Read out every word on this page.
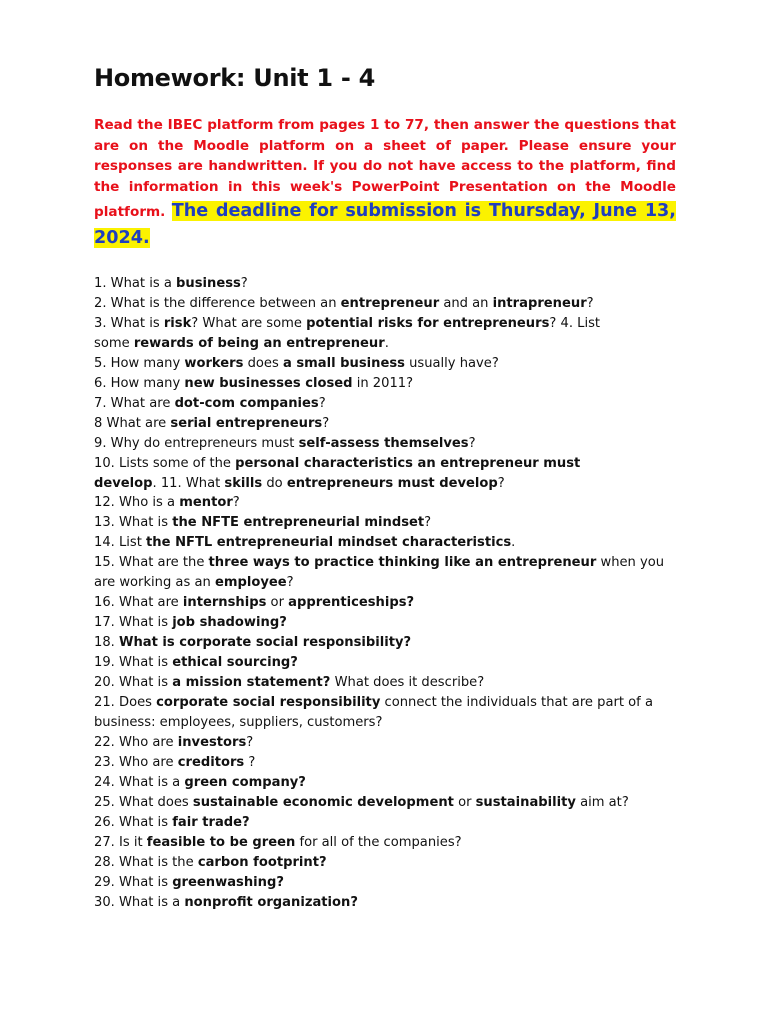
Homework: Unit 1 - 4

Read the IBEC platform from pages 1 to 77, then answer the questions that are on the Moodle platform on a sheet of paper. Please ensure your responses are handwritten. If you do not have access to the platform, find the information in this week's PowerPoint Presentation on the Moodle platform. The deadline for submission is Thursday, June 13, 2024.

1. What is a business?

2. What is the difference between an entrepreneur and an intrapreneur?

3. What is risk? What are some potential risks for entrepreneurs? 4. List

some rewards of being an entrepreneur.

5. How many workers does a small business usually have?

6. How many new businesses closed in 2011?

7. What are dot-com companies?

8 What are serial entrepreneurs?

9. Why do entrepreneurs must self-assess themselves?

10. Lists some of the personal characteristics an entrepreneur must

develop. 11. What skills do entrepreneurs must develop?

12. Who is a mentor?

13. What is the NFTE entrepreneurial mindset?

14. List the NFTL entrepreneurial mindset characteristics.

15. What are the three ways to practice thinking like an entrepreneur when you are working as an employee?

16. What are internships or apprenticeships?

17. What is job shadowing?

18. What is corporate social responsibility?

19. What is ethical sourcing?

20. What is a mission statement? What does it describe?

21. Does corporate social responsibility connect the individuals that are part of a business: employees, suppliers, customers?

22. Who are investors?

23. Who are creditors ?

24. What is a green company?

25. What does sustainable economic development or sustainability aim at?

26. What is fair trade?

27. Is it feasible to be green for all of the companies?

28. What is the carbon footprint?

29. What is greenwashing?

30. What is a nonprofit organization?
